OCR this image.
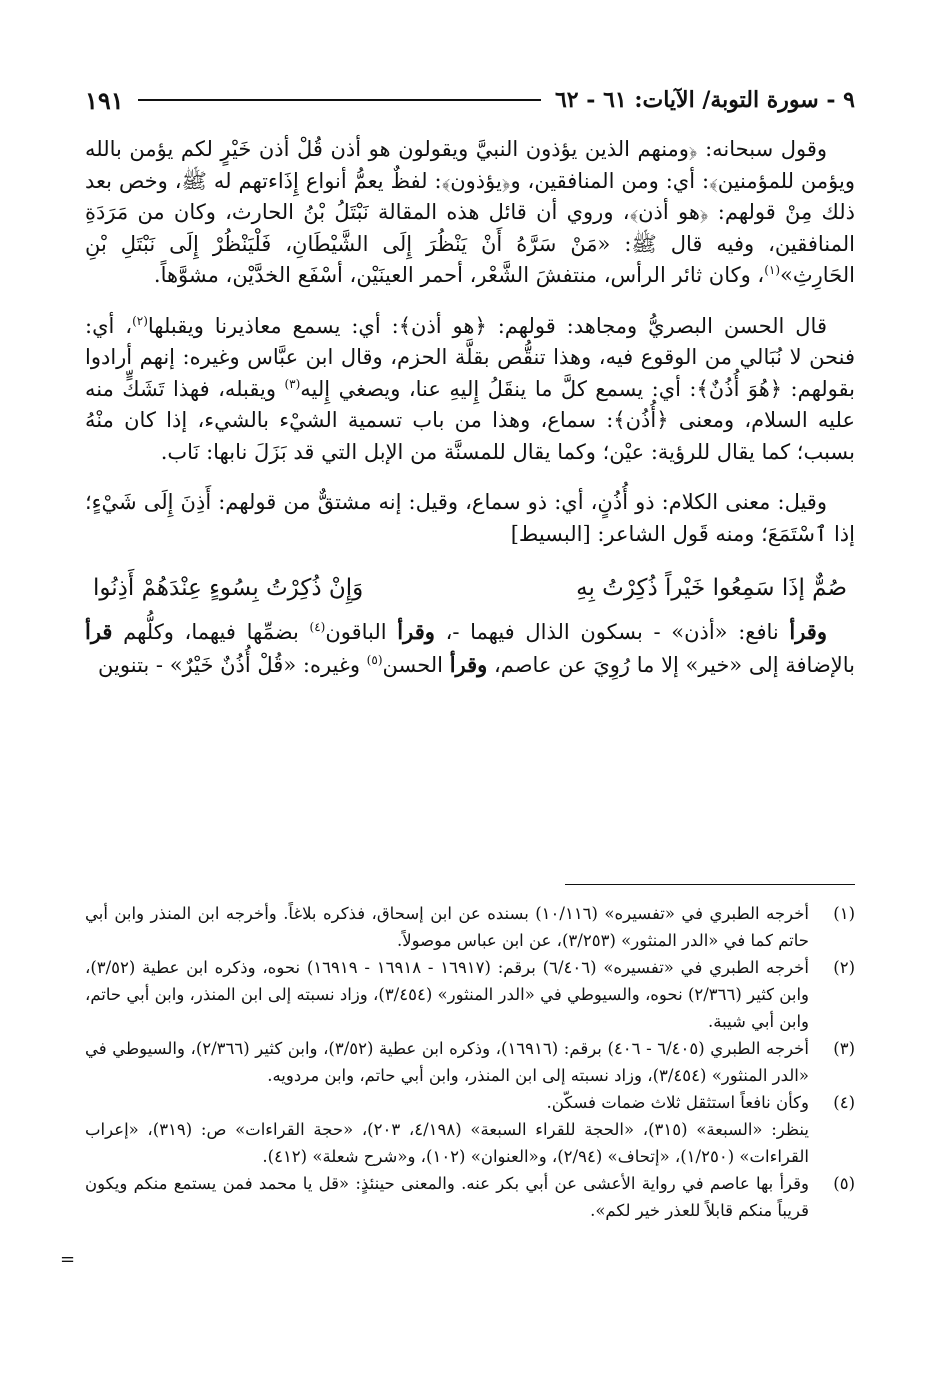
٩ - سورة التوبة/ الآيات: ٦١ - ٦٢
١٩١

وقول سبحانه: ﴿ومنهم الذين يؤذون النبيَّ ويقولون هو أذن قُلْ أذن خَيْرٍ لكم يؤمن بالله ويؤمن للمؤمنين﴾: أي: ومن المنافقين، و﴿يؤذون﴾: لفظٌ يعمُّ أنواع إِذَاءتهم له ﷺ، وخص بعد ذلك مِنْ قولهم: ﴿هو أذن﴾، وروي أن قائل هذه المقالة نَبْتَلُ بْنُ الحارث، وكان من مَرَدَةِ المنافقين، وفيه قال ﷺ: «مَنْ سَرَّهُ أَنْ يَنْظُرَ إِلَى الشَّيْطَانِ، فَلْيَنْظُرْ إِلَى نَبْتَلِ بْنِ الحَارِثِ»$^{(١)}$، وكان ثائر الرأس، منتفشَ الشَّعْر، أحمر العينَيْن، أسْفَع الخدَّيْن، مشوَّهاً.

قال الحسن البصريُّ ومجاهد: قولهم: ﴿هو أذن﴾: أي: يسمع معاذيرنا ويقبلها$^{(٢)}$، أي: فنحن لا نُبَالي من الوقوع فيه، وهذا تنقُّص بقلَّة الحزم، وقال ابن عبَّاس وغيره: إنهم أرادوا بقولهم: ﴿هُوَ أُذُنٌ﴾: أي: يسمع كلَّ ما ينقَلُ إِليهِ عنا، ويصغي إِليه$^{(٣)}$ ويقبله، فهذا تَشَكٍّ منه عليه السلام، ومعنى ﴿أُذُن﴾: سماع، وهذا من باب تسمية الشيْء بالشيء، إذا كان منْهُ بسبب؛ كما يقال للرؤية: عيْن؛ وكما يقال للمسنَّة من الإبل التي قد بَزَلَ نابها: نَاب.

وقيل: معنى الكلام: ذو أُذُنٍ، أي: ذو سماع، وقيل: إنه مشتقٌّ من قولهم: أَذِنَ إِلَى شَيْءٍ؛ إذا ٱسْتَمَعَ؛ ومنه قَول الشاعر: [البسيط]

صُمٌّ إذَا سَمِعُوا خَيْراً ذُكِرْتُ بِهِ
وَإِنْ ذُكِرْتُ بِسُوءٍ عِنْدَهُمْ أَذِنُوا

وقرأ نافع: «أذن» - بسكون الذال فيهما -، وقرأ الباقون$^{(٤)}$ بضمِّها فيهما، وكلُّهم قرأ بالإضافة إلى «خير» إلا ما رُوِيَ عن عاصم، وقرأ الحسن$^{(٥)}$ وغيره: «قُلْ أُذُنٌ خَيْرٌ» - بتنوين

(١)
أخرجه الطبري في «تفسيره» (١٠/١١٦) بسنده عن ابن إسحاق، فذكره بلاغاً. وأخرجه ابن المنذر وابن أبي حاتم كما في «الدر المنثور» (٣/٢٥٣)، عن ابن عباس موصولاً.
(٢)
أخرجه الطبري في «تفسيره» (٦/٤٠٦) برقم: (١٦٩١٧ - ١٦٩١٨ - ١٦٩١٩) نحوه، وذكره ابن عطية (٣/٥٢)، وابن كثير (٢/٣٦٦) نحوه، والسيوطي في «الدر المنثور» (٣/٤٥٤)، وزاد نسبته إلى ابن المنذر، وابن أبي حاتم، وابن أبي شيبة.
(٣)
أخرجه الطبري (٦/٤٠٥ - ٤٠٦) برقم: (١٦٩١٦)، وذكره ابن عطية (٣/٥٢)، وابن كثير (٢/٣٦٦)، والسيوطي في «الدر المنثور» (٣/٤٥٤)، وزاد نسبته إلى ابن المنذر، وابن أبي حاتم، وابن مردويه.
(٤)
وكأن نافعاً استثقل ثلاث ضمات فسكّن.
ينظر: «السبعة» (٣١٥)، «الحجة للقراء السبعة» (٤/١٩٨، ٢٠٣)، «حجة القراءات» ص: (٣١٩)، «إعراب القراءات» (١/٢٥٠)، «إتحاف» (٢/٩٤)، و«العنوان» (١٠٢)، و«شرح شعلة» (٤١٢).
(٥)
وقرأ بها عاصم في رواية الأعشى عن أبي بكر عنه. والمعنى حينئذٍ: «قل يا محمد فمن يستمع منكم ويكون قريباً منكم قابلاً للعذر خير لكم».
=
